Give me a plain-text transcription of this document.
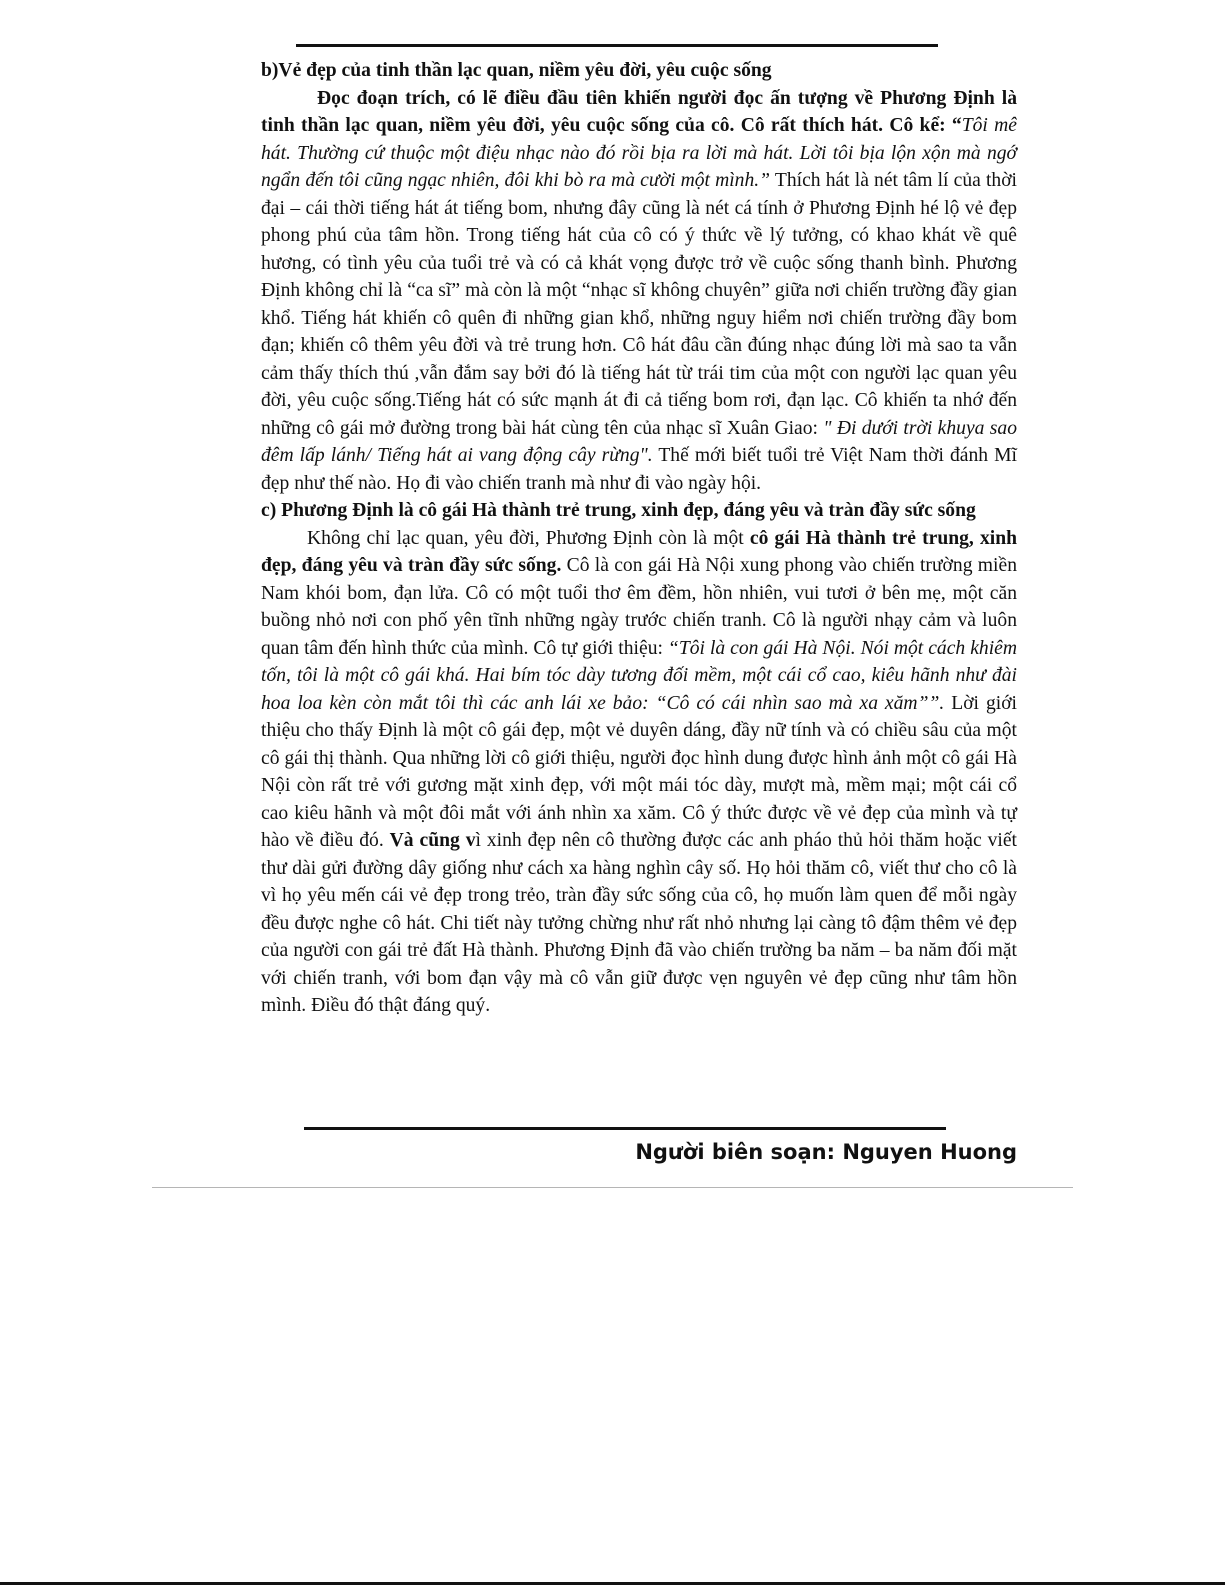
b)Vẻ đẹp của tinh thần lạc quan, niềm yêu đời, yêu cuộc sống

Đọc đoạn trích, có lẽ điều đầu tiên khiến người đọc ấn tượng về Phương Định là tinh thần lạc quan, niềm yêu đời, yêu cuộc sống của cô. Cô rất thích hát. Cô kể: “Tôi mê hát. Thường cứ thuộc một điệu nhạc nào đó rồi bịa ra lời mà hát. Lời tôi bịa lộn xộn mà ngớ ngẩn đến tôi cũng ngạc nhiên, đôi khi bò ra mà cười một mình.” Thích hát là nét tâm lí của thời đại – cái thời tiếng hát át tiếng bom, nhưng đây cũng là nét cá tính ở Phương Định hé lộ vẻ đẹp phong phú của tâm hồn. Trong tiếng hát của cô có ý thức về lý tưởng, có khao khát về quê hương, có tình yêu của tuổi trẻ và có cả khát vọng được trở về cuộc sống thanh bình. Phương Định không chỉ là “ca sĩ” mà còn là một “nhạc sĩ không chuyên” giữa nơi chiến trường đầy gian khổ. Tiếng hát khiến cô quên đi những gian khổ, những nguy hiểm nơi chiến trường đầy bom đạn; khiến cô thêm yêu đời và trẻ trung hơn. Cô hát đâu cần đúng nhạc đúng lời mà sao ta vẫn cảm thấy thích thú ,vẫn đắm say bởi đó là tiếng hát từ trái tim của một con người lạc quan yêu đời, yêu cuộc sống.Tiếng hát có sức mạnh át đi cả tiếng bom rơi, đạn lạc. Cô khiến ta nhớ đến những cô gái mở đường trong bài hát cùng tên của nhạc sĩ Xuân Giao: " Đi dưới trời khuya sao đêm lấp lánh/ Tiếng hát ai vang động cây rừng". Thế mới biết tuổi trẻ Việt Nam thời đánh Mĩ đẹp như thế nào. Họ đi vào chiến tranh mà như đi vào ngày hội.

c) Phương Định là cô gái Hà thành trẻ trung, xinh đẹp, đáng yêu và tràn đầy sức sống

Không chỉ lạc quan, yêu đời, Phương Định còn là một cô gái Hà thành trẻ trung, xinh đẹp, đáng yêu và tràn đầy sức sống. Cô là con gái Hà Nội xung phong vào chiến trường miền Nam khói bom, đạn lửa. Cô có một tuổi thơ êm đềm, hồn nhiên, vui tươi ở bên mẹ, một căn buồng nhỏ nơi con phố yên tĩnh những ngày trước chiến tranh. Cô là người nhạy cảm và luôn quan tâm đến hình thức của mình. Cô tự giới thiệu: “Tôi là con gái Hà Nội. Nói một cách khiêm tốn, tôi là một cô gái khá. Hai bím tóc dày tương đối mềm, một cái cổ cao, kiêu hãnh như đài hoa loa kèn còn mắt tôi thì các anh lái xe bảo: “Cô có cái nhìn sao mà xa xăm””. Lời giới thiệu cho thấy Định là một cô gái đẹp, một vẻ duyên dáng, đầy nữ tính và có chiều sâu của một cô gái thị thành. Qua những lời cô giới thiệu, người đọc hình dung được hình ảnh một cô gái Hà Nội còn rất trẻ với gương mặt xinh đẹp, với một mái tóc dày, mượt mà, mềm mại; một cái cổ cao kiêu hãnh và một đôi mắt với ánh nhìn xa xăm. Cô ý thức được về vẻ đẹp của mình và tự hào về điều đó. Và cũng vì xinh đẹp nên cô thường được các anh pháo thủ hỏi thăm hoặc viết thư dài gửi đường dây giống như cách xa hàng nghìn cây số. Họ hỏi thăm cô, viết thư cho cô là vì họ yêu mến cái vẻ đẹp trong trẻo, tràn đầy sức sống của cô, họ muốn làm quen để mỗi ngày đều được nghe cô hát. Chi tiết này tưởng chừng như rất nhỏ nhưng lại càng tô đậm thêm vẻ đẹp của người con gái trẻ đất Hà thành. Phương Định đã vào chiến trường ba năm – ba năm đối mặt với chiến tranh, với bom đạn vậy mà cô vẫn giữ được vẹn nguyên vẻ đẹp cũng như tâm hồn mình. Điều đó thật đáng quý.

Người biên soạn: Nguyen Huong
